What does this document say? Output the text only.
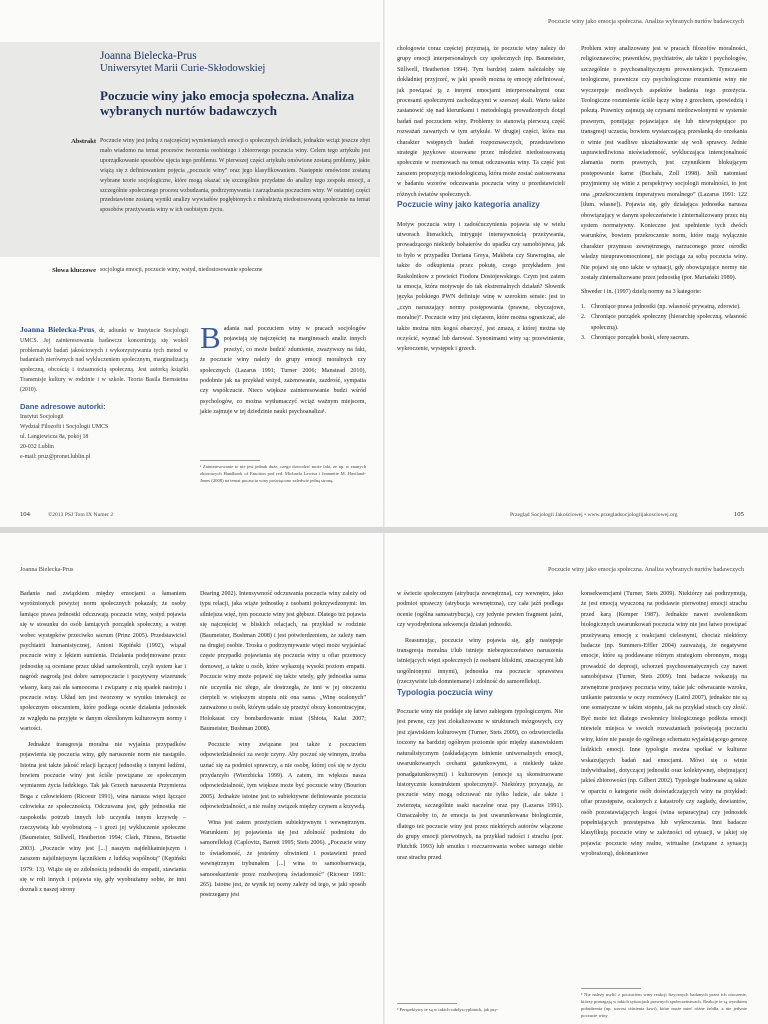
Poczucie winy jako emocja społeczna. Analiza wybranych nurtów badawczych
Joanna Bielecka-Prus
Uniwersytet Marii Curie-Skłodowskiej
Poczucie winy jako emocja społeczna. Analiza wybranych nurtów badawczych
Abstrakt Poczucie winy jest jedną z najczęściej wymienianych emocji o społecznych źródłach, jednakże wciąż jeszcze zbyt mało wiadomo na temat procesów tworzenia osobistego i zbiorowego poczucia winy. Celem tego artykułu jest uporządkowanie sposobów ujęcia tego problemu. W pierwszej części artykułu omówione zostaną problemy, jakie wiążą się z definiowaniem pojęcia „poczucie winy” oraz jego klasyfikowaniem. Następnie omówione zostaną wybrane teorie socjologiczne, które mogą okazać się szczególnie przydatne do analizy tego zespołu emocji, a szczególnie społecznego procesu wzbudzania, podtrzymywania i zarządzania poczuciem winy. W ostatniej części przedstawione zostaną wyniki analizy wywiadów pogłębionych z młodzieżą niedostosowaną społecznie na temat sposobów przeżywania winy w ich osobistym życiu.
Słowa kluczowe socjologia emocji, poczucie winy, wstyd, niedostosowanie społeczne
Joanna Bielecka-Prus, dr, adiunkt w Instytucie Socjologii UMCS. Jej zainteresowania badawcze koncentrują się wokół problematyki badań jakościowych i wykorzystywania tych metod w badaniach nierównych nad wykluczeniem społecznym, marginalizacją społeczną, obcością i tożsamością społeczną. Jest autorką książki Transmisje kultury w rodzinie i w szkole. Teoria Basila Bernsteina (2010).
Dane adresowe autorki:
Instytut Socjologii
Wydział Filozofii i Socjologii UMCS
ul. Langiewicza 8a, pokój 18
20-032 Lublin
e-mail: pruz@pronet.lublin.pl
Badania nad poczuciem winy w pracach socjologów pojawiają się najczęściej na marginesach analiz innych przeżyć, co może budzić zdumienie, zważywszy na fakt, że poczucie winy należy do grupy emocji moralnych czy społecznych (Lazarus 1991; Turner 2006; Manstead 2010), podobnie jak na przykład wstyd, zażenowanie, zazdrość, sympatia czy współczucie. Nieco większe zainteresowanie budzi wśród psychologów, co można wytłumaczyć wciąż ważnym miejscem, jakie zajmuje w tej dziedzinie nauki psychoanaliza¹.
¹ Zainteresowanie to nie jest jednak duże, czego dowodzić może fakt, że np. w znanych zbiorowych Handbook of Emotion pod red. Michaela Lewisa i Jeannette M. Haviland-Jones (2008) na temat poczucia winy poświęcono zaledwie jedną stronę.

chologowie coraz częściej przyznają, że poczucie winy należy do grupy emocji interpersonalnych czy społecznych (np. Baumeister, Stillwell, Heatherton 1994). Tym bardziej zatem należałoby się dokładniej przyjrzeć, w jaki sposób można tę emocję zdefiniować, jak powiązać ją z innymi emocjami interpersonalnymi oraz procesami społecznymi zachodzącymi w szerszej skali. Warto także zastanowić się nad kierunkami i metodologią prowadzonych dotąd badań nad poczuciem winy. Problemy to stanowią pierwszą część rozważań zawartych w tym artykule. W drugiej części, która ma charakter wstępnych badań rozpoznawczych, przedstawiono strategie językowe stosowane przez młodzież niedostosowaną społecznie w rozmowach na temat odczuwania winy. Ta część jest zarazem propozycją metodologiczną, która może zostać zastosowana w badaniu wzorów odczuwania poczucia winy u przedstawicieli różnych światów społecznych.

Poczucie winy jako kategoria analizy

Motyw poczucia winy i zadośćuczynienia pojawia się w wielu utworach literackich, intryguje intensywnością przeżywania, prowadzącego niekiedy bohaterów do upadku czy samobójstwa, jak to było w przypadku Doriana Greya, Makbeta czy Stawrogina, ale także do odkupienia przez pokutę, czego przykładem jest Raskolnikow z powieści Fiodora Dostojewskiego. Czym jest zatem ta emocja, która motywuje do tak ekstremalnych działań? Słownik języka polskiego PWN definiuje winę w szerokim sensie: jest to „czyn naruszający normy postępowania (prawne, obyczajowe, moralne)”. Poczucie winy jest ciężarem, które można ograniczać, ale także można nim kogoś obarczyć, jest zmaza, z której można się oczyścić, wyznać lub darować. Synonimami winy są: przewinienie, wykroczenie, występek i grzech.

Problem winy analizowany jest w pracach filozofów moralności, religioznawców, prawników, psychiatrów, ale także i psychologów, szczególnie o psychoanalitycznym proweniencjach. Tymczasem teologiczne, prawnicze czy psychologiczne rozumienie winy nie wyczerpuje możliwych aspektów badania tego przeżycia. Teologiczne rozumienie ściśle łączy winę z grzechem, spowiedzią i pokutą. Prawnicy zajmują się czynami niedozwolonymi w systemie prawnym, pomijając pojawiające się lub niewystępujące po transgresji uczucia, bowiem wystarczającą przesłanką do orzekania o winie jest wadliwe ukształtowanie się woli sprawcy. Jednie usprawiedliwiona nieświadomość, wykluczająca intencjonalność złamania norm prawnych, jest czynnikiem blokującym postępowanie karne (Buchała, Zoll 1998). Jeśli natomiast przyjmiemy się winie z perspektywy socjologii moralności, to jest ona „przekroczeniem imperatywu moralnego” (Lazarus 1991: 122 [tłum. własne]). Pojawia się, gdy działająca jednostka narusza obowiązujący w danym społeczeństwie i zinternalizowany przez nią system normatywny. Konieczne jest spełnienie tych dwóch warunków, bowiem przekroczenie norm, które mają wyłącznie charakter przymusu zewnętrznego, narzuconego przez ośrodki władzy nieuprawomocnionej, nie pociąga za sobą poczucia winy. Nie pojawi się ono także w sytuacji, gdy obowiązujące normy nie zostały zinternalizowane przez jednostkę (por. Mariański 1989).

Shweder i in. (1997) dzielą normy na 3 kategorie:

1. Chroniące prawa jednostki (np. własność prywatną, zdrowie).

2. Chroniące porządek społeczny (hierarchię społeczną, własność społeczną).

3. Chroniące porządek boski, sferę sacrum.

104	©2013 PSJ Tom IX Numer 2	Przegląd Socjologii Jakościowej • www.przegladsocjologiijakosciowej.org	105
Joanna Bielecka-Prus	Poczucie winy jako emocja społeczna. Analiza wybranych nurtów badawczych

Badania nad związkiem między emocjami a łamaniem wyróżnionych powyżej norm społecznych pokazały, że osoby łamiące prawa jednostki odczuwają poczucie winy, wstyd pojawia się w stosunku do osób łamiących porządek społeczny, a wstręt wobec występków przeciwko sacrum (Prinz 2005). Przedstawiciel psychiatrii humanistycznej, Antoni Kępiński (1992), wiązał poczucie winy z lękiem sumienia. Działania podejmowane przez jednostkę są oceniane przez układ samokontroli, czyli system kar i nagród: nagrodą jest dobre samopoczucie i pozytywny wizerunek własny, karą zaś zła samoocena i związany z nią spadek nastroju i poczucie winy. Układ ten jest tworzony w wyniku interakcji ze społecznym otoczeniem, które podlega ocenie działania jednostek ze względu na przyjęte w danym określonym kulturowym normy i wartości.

Jednakże transgresja moralna nie wyjaśnia przypadków pojawienia się poczucia winy, gdy naruszenie norm nie nastąpiło. Istotna jest także jakość relacji łączącej jednostkę z innymi ludźmi, bowiem poczucie winy jest ściśle powiązane ze społecznym wymiarem życia ludzkiego. Tak jak Grzech naruszenia Przymierza Boga z człowiekiem (Ricoeur 1991), wina narusza więzi łączące człowieka ze społecznością. Odczuwana jest, gdy jednostka nie zaspokoiła potrzeb innych lub uczyniła innym krzywdę – rzeczywistą lub wyobrażoną – i grozi jej wykluczenie społeczne (Baumeister, Stillwell, Heatherton 1994; Clark, Fitness, Brissette 2003). „Poczucie winy jest [...] naszym najdelikatniejszym i zarazem najsilniejszym łącznikiem z ludzką wspólnotą” (Kępiński 1979: 13). Wiąże się ze zdolnością jednostki do empatii, stawiania się w roli innych i pojawia się, gdy wyobrażamy sobie, że inni doznali z naszej strony

Dearing 2002). Intensywność odczuwania poczucia winy zależy od typu relacji, jaka wiąże jednostkę z osobami pokrzywdzonymi: im silniejsza więź, tym poczucie winy jest głębsze. Dlatego też pojawia się najczęściej w bliskich relacjach, na przykład w rodzinie (Baumeister, Bushman 2008) i jest potwierdzeniem, że zależy nam na drugiej osobie. Troska o podtrzymywanie więzi może wyjaśniać częste przypadki pojawiania się poczucia winy u ofiar przemocy domowej, a także u osób, które wykazują wysoki poziom empatii. Poczucie winy może pojawić się także wtedy, gdy jednostka sama nie uczyniła nic złego, ale dostrzegła, że inni w jej otoczeniu cierpieli w większym stopniu niż ona sama. „Winę ocalonych” zauważono u osób, którym udało się przeżyć obozy koncentracyjne, Holokaust czy bombardowanie miast (Shiota, Kalat 2007; Baumeister, Bushman 2008).

Poczucie winy związane jest także z poczuciem odpowiedzialności za swoje czyny. Aby poczuć się winnym, trzeba uznać się za podmiot sprawczy, a nie osobę, której coś się w życiu przydarzyło (Wierzbicka 1999). A zatem, im większa nasza odpowiedzialność, tym większe może być poczucie winy (Bourion 2005). Jednakże istotne jest to subiektywne definiowanie poczucia odpowiedzialności, a nie realny związek między czynem a krzywdą.

Wina jest zatem przeżyciem subiektywnym i wewnętrznym. Warunkiem jej pojawienia się jest zdolność podmiotu do samorefleksji (Caplovitz, Barrett 1995; Stets 2006). „Poczucie winy to świadomość, że jesteśmy obwinieni i postawieni przed wewnętrznym trybunałem [...] wina to samoobserwacja, samooskarżenie przez rozdwojoną świadomość” (Ricoeur 1991: 265). Istotne jest, że wynik tej oceny zależy od tego, w jaki sposób postrzegany jest

w świecie społecznym (atrybucja zewnętrzna), czy wewnętrz, jako podmiot sprawczy (atrybucja wewnętrzna), czy cała jaźń podlega ocenie (ogólna samoatrybucja), czy jedynie pewien fragment jaźni, czy wyodrębniona sekwencja działań jednostki.

Reasumując, poczucie winy pojawia się, gdy następuje transgresja moralna i/lub istnieje niebezpieczeństwo naruszenia istniejących więzi społecznych (z osobami bliskimi, znaczącymi lub uogólnionymi innymi), jednostka ma poczucie sprawstwa (rzeczywiste lub domniemane) i zdolność do samorefleksji.

Typologia poczucia winy

Poczucie winy nie poddaje się łatwo zabiegom typologicznym. Nie jest pewne, czy jest zlokalizowane w strukturach mózgowych, czy jest zjawiskiem kulturowym (Turner, Stets 2009), co odzwierciedla toczony na bardziej ogólnym poziomie spór między stanowiskiem naturalistycznym (zakładającym istnienie uniwersalnych emocji, uwarunkowanych cechami gatunkowymi, a niekiedy także ponadgatunkowymi) i kulturowym (emocje są skonstruowane historycznie konstruktem społecznym)². Niektórzy przyznają, że poczucie winy mogą odczuwać nie tylko ludzie, ale także i zwierzęta, szczególnie ssaki naczelne oraz psy (Lazarus 1991). Oznaczałoby to, że emocja ta jest uwarunkowana biologicznie, dlatego też poczucie winy jest przez niektórych autorów włączone do grupy emocji pierwotnych, na przykład radości i strachu (por. Plutchik 1993) lub smutku i rozczarowania wobec samego siebie oraz strachu przed

² Perspektywy te są w takich subdyscyplinach, jak psy-

konsekwencjami (Turner, Stets 2009). Niektórzy zaś podtrzymują, że jest emocją wyuczoną na podstawie pierwotnej emocji strachu przed karą (Kemper 1987). Jednakże nawet zwolennikom biologicznych uwarunkowań poczucia winy nie jest łatwo powiązać przeżywaną emocję z reakcjami cielesnymi, chociaż niektórzy badacze (np. Summers-Effler 2004) zauważają, że negatywne emocje, które są poddawane różnym strategiom obronnym, mogą prowadzić do depresji, schorzeń psychosomatycznych czy nawet samobójstwa (Turner, Stets 2009). Inni badacze wskazują na zewnętrzne przejawy poczucia winy, takie jak: odwracanie wzroku, unikanie patrzenia w oczy rozmówcy (Laird 2007), jednakże nie są one somatyczne w takim stopniu, jak na przykład strach czy złość. Być może też dlatego zwolennicy biologicznego podłoża emocji niewiele miejsca w swoich rozważaniach poświęcają poczuciu winy, które nie pasuje do ogólnego schematu wyjaśniającego genezę ludzkich emocji. Inne typologie można spotkać w kulturze wskazujących badań nad emocjami. Mówi się o winie indywidualnej, dotyczącej jednostki oraz kolektywnej, obejmującej jakieś zbiorowości (np. Gilbert 2002). Typologie budowane są także w oparciu o kategorie osób doświadczających winy na przykład: ofiar przestępstw, ocalonych z katastrofy czy zagłady, dewiantów, osób pozostawiających kogoś (wina separacyjna) czy jednostek popełniających przestępstwa lub wykroczenia. Inni badacze klasyfikują poczucie winy w zależności od sytuacji, w jakiej się pojawia: poczucie winy realne, wirtualne (związane z sytuacją wyobrażoną), dokonaniowe

³ Nie należy mylić z poczuciem winy reakcji fizycznych badanych przez ich otoczenie, którzy pomagają w takich sytuacjach prawnych społeczeństwach. Reakcje te są wynikiem pobudzenia (np. wzrost ciśnienia krwi), które może mieć różne źródła, a nie jedynie poczucie winy.
